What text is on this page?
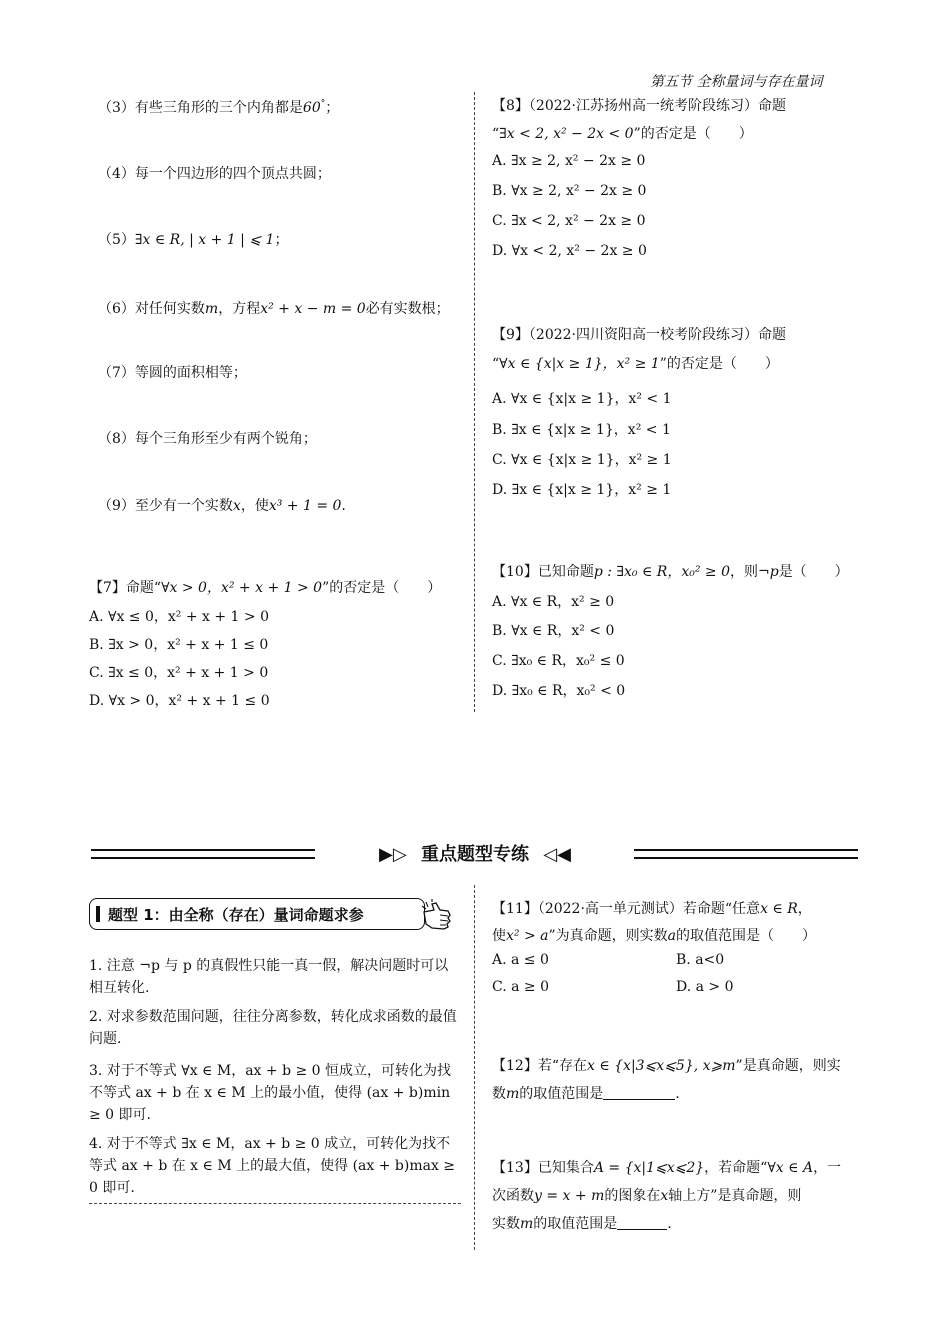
第五节 全称量词与存在量词
（3）有些三角形的三个内角都是60°；
（4）每一个四边形的四个顶点共圆；
（5）∃x ∈ R, | x + 1 | ⩽ 1；
（6）对任何实数m，方程x² + x − m = 0必有实数根；
（7）等圆的面积相等；
（8）每个三角形至少有两个锐角；
（9）至少有一个实数x，使x³ + 1 = 0.
【7】命题“∀x > 0，x² + x + 1 > 0”的否定是（　　）
A. ∀x ≤ 0，x² + x + 1 > 0
B. ∃x > 0，x² + x + 1 ≤ 0
C. ∃x ≤ 0，x² + x + 1 > 0
D. ∀x > 0，x² + x + 1 ≤ 0
【8】（2022·江苏扬州高一统考阶段练习）命题
“∃x < 2, x² − 2x < 0”的否定是（　　）
A. ∃x ≥ 2, x² − 2x ≥ 0
B. ∀x ≥ 2, x² − 2x ≥ 0
C. ∃x < 2, x² − 2x ≥ 0
D. ∀x < 2, x² − 2x ≥ 0
【9】（2022·四川资阳高一校考阶段练习）命题
“∀x ∈ {x|x ≥ 1}，x² ≥ 1”的否定是（　　）
A. ∀x ∈ {x|x ≥ 1}，x² < 1
B. ∃x ∈ {x|x ≥ 1}，x² < 1
C. ∀x ∈ {x|x ≥ 1}，x² ≥ 1
D. ∃x ∈ {x|x ≥ 1}，x² ≥ 1
【10】已知命题p : ∃x₀ ∈ R，x₀² ≥ 0，则¬p是（　　）
A. ∀x ∈ R，x² ≥ 0
B. ∀x ∈ R，x² < 0
C. ∃x₀ ∈ R，x₀² ≤ 0
D. ∃x₀ ∈ R，x₀² < 0
▶▷ 重点题型专练 ◁◀
题型 1：由全称（存在）量词命题求参
1. 注意 ¬p 与 p 的真假性只能一真一假，解决问题时可以相互转化.
2. 对求参数范围问题，往往分离参数，转化成求函数的最值问题.
3. 对于不等式 ∀x ∈ M，ax + b ≥ 0 恒成立，可转化为找不等式 ax + b 在 x ∈ M 上的最小值，使得 (ax + b)min ≥ 0 即可.
4. 对于不等式 ∃x ∈ M，ax + b ≥ 0 成立，可转化为找不等式 ax + b 在 x ∈ M 上的最大值，使得 (ax + b)max ≥ 0 即可.
【11】（2022·高一单元测试）若命题“任意x ∈ R，
使x² > a”为真命题，则实数a的取值范围是（　　）
A. a ≤ 0	B. a<0
C. a ≥ 0	D. a > 0
【12】若“存在x ∈ {x|3⩽x⩽5}, x⩾m”是真命题，则实
数m的取值范围是	.
【13】已知集合A = {x|1⩽x⩽2}，若命题“∀x ∈ A，一
次函数y = x + m的图象在x轴上方”是真命题，则
实数m的取值范围是	.
